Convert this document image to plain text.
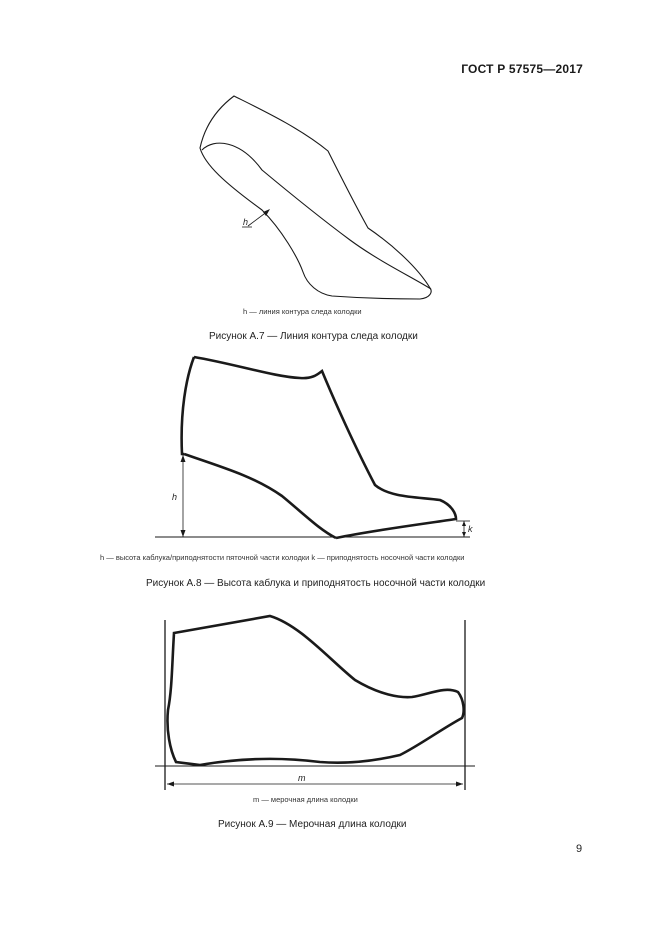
ГОСТ Р 57575—2017
h
h
k
m
h — линия контура следа колодки
Рисунок А.7 — Линия контура следа колодки
h — высота каблука/приподнятости пяточной части колодки k — приподнятость носочной части колодки
Рисунок А.8 — Высота каблука и приподнятость носочной части колодки
m — мерочная длина колодки
Рисунок А.9 — Мерочная длина колодки
9
